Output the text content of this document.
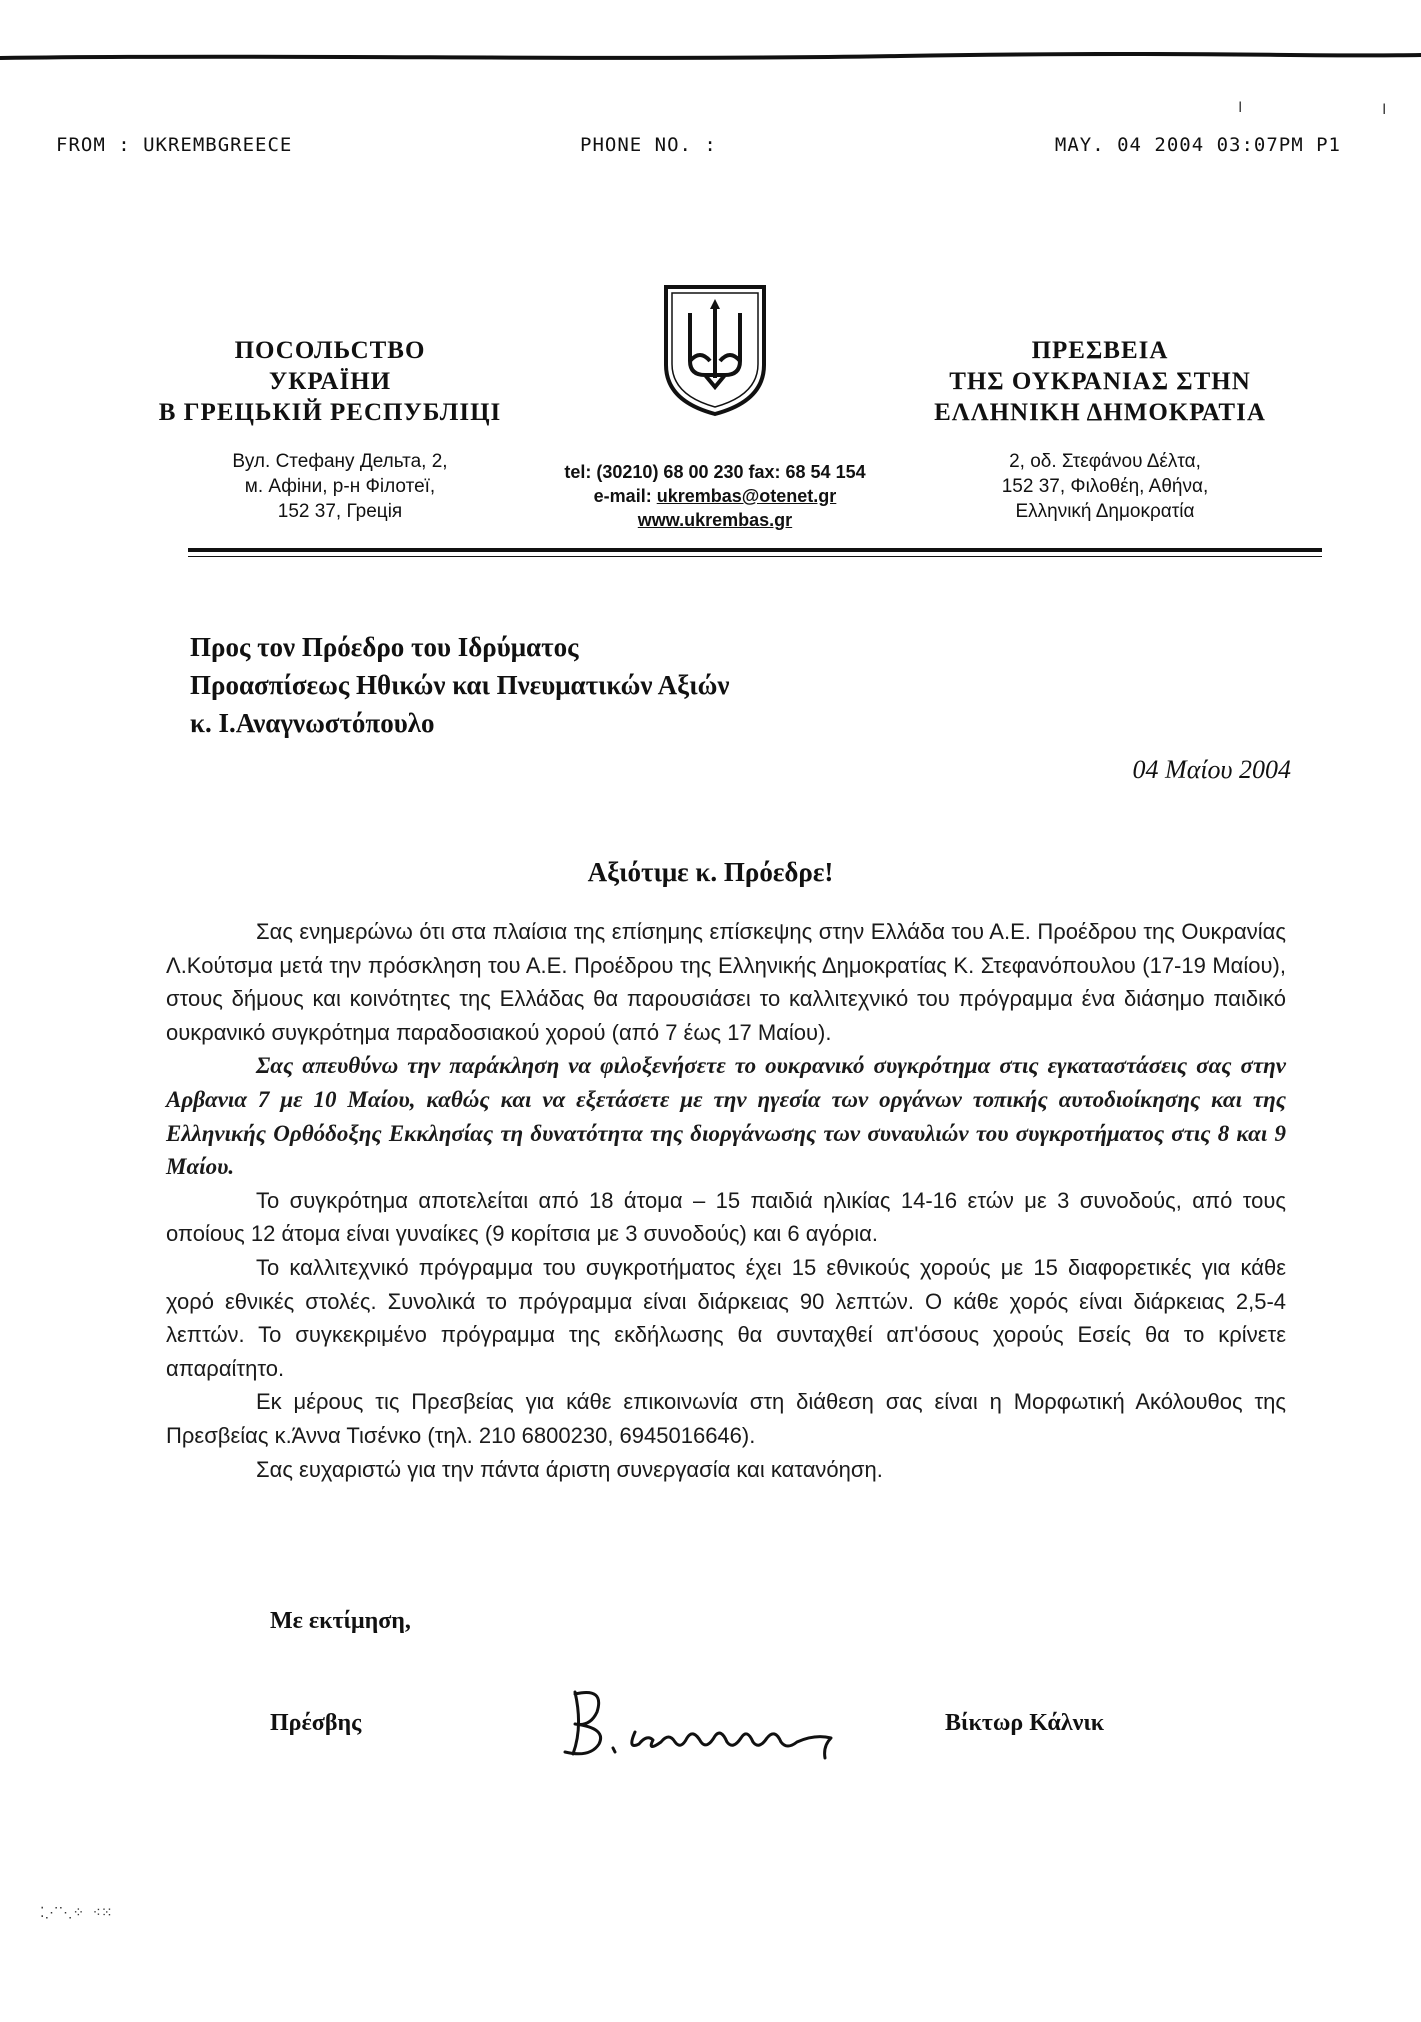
FROM : UKREMBGREECE	PHONE NO. :	MAY. 04 2004 03:07PM P1
ПОСОЛЬСТВО
УКРАЇНИ
В ГРЕЦЬКІЙ РЕСПУБЛІЦІ
ΠΡΕΣΒΕΙΑ
ΤΗΣ ΟΥΚΡΑΝΙΑΣ ΣΤΗΝ
ΕΛΛΗΝΙΚΗ ΔΗΜΟΚΡΑΤΙΑ
Вул. Стефану Дельта, 2,
м. Афіни, р-н Філотеї,
152 37, Греція
tel: (30210) 68 00 230 fax: 68 54 154
e-mail: ukrembas@otenet.gr
www.ukrembas.gr
2, οδ. Στεφάνου Δέλτα,
152 37, Φιλοθέη, Αθήνα,
Ελληνική Δημοκρατία
Προς τον Πρόεδρο του Ιδρύματος
Προασπίσεως Ηθικών και Πνευματικών Αξιών
κ. Ι.Αναγνωστόπουλο
04 Μαίου 2004
Αξιότιμε κ. Πρόεδρε!

Σας ενημερώνω ότι στα πλαίσια της επίσημης επίσκεψης στην Ελλάδα του Α.Ε. Προέδρου της Ουκρανίας Λ.Κούτσμα μετά την πρόσκληση του Α.Ε. Προέδρου της Ελληνικής Δημοκρατίας Κ. Στεφανόπουλου (17-19 Μαίου), στους δήμους και κοινότητες της Ελλάδας θα παρουσιάσει το καλλιτεχνικό του πρόγραμμα ένα διάσημο παιδικό ουκρανικό συγκρότημα παραδοσιακού χορού (από 7 έως 17 Μαίου).

Σας απευθύνω την παράκληση να φιλοξενήσετε το ουκρανικό συγκρότημα στις εγκαταστάσεις σας στην Αρβανια 7 με 10 Μαίου, καθώς και να εξετάσετε με την ηγεσία των οργάνων τοπικής αυτοδιοίκησης και της Ελληνικής Ορθόδοξης Εκκλησίας τη δυνατότητα της διοργάνωσης των συναυλιών του συγκροτήματος στις 8 και 9 Μαίου.

Το συγκρότημα αποτελείται από 18 άτομα – 15 παιδιά ηλικίας 14-16 ετών με 3 συνοδούς, από τους οποίους 12 άτομα είναι γυναίκες (9 κορίτσια με 3 συνοδούς) και 6 αγόρια.

Το καλλιτεχνικό πρόγραμμα του συγκροτήματος έχει 15 εθνικούς χορούς με 15 διαφορετικές για κάθε χορό εθνικές στολές. Συνολικά το πρόγραμμα είναι διάρκειας 90 λεπτών. Ο κάθε χορός είναι διάρκειας 2,5-4 λεπτών. Το συγκεκριμένο πρόγραμμα της εκδήλωσης θα συνταχθεί απ'όσους χορούς Εσείς θα το κρίνετε απαραίτητο.

Εκ μέρους τις Πρεσβείας για κάθε επικοινωνία στη διάθεση σας είναι η Μορφωτική Ακόλουθος της Πρεσβείας κ.Άννα Τισένκο (τηλ. 210 6800230, 6945016646).

Σας ευχαριστώ για την πάντα άριστη συνεργασία και κατανόηση.

Με εκτίμηση,
Πρέσβης	Βίκτωρ Κάλνικ
⁚⋰⋱⁘ ⁖⁙
ǀ	ǀ
